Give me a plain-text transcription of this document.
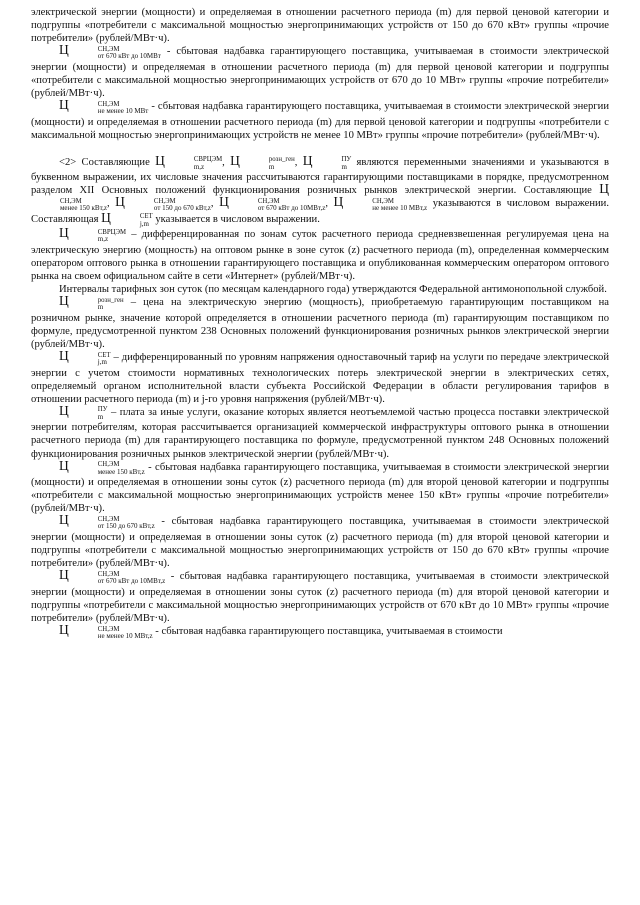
электрической энергии (мощности) и определяемая в отношении расчетного периода (m) для первой ценовой категории и подгруппы «потребители с максимальной мощностью энергопринимающих устройств от 150 до 670 кВт» группы «прочие потребители» (рублей/МВт·ч).

Ц	СН,ЭМ
от 670 кВт до 10МВт - сбытовая надбавка гарантирующего поставщика, учитываемая в стоимости электрической энергии (мощности) и определяемая в отношении расчетного периода (m) для первой ценовой категории и подгруппы «потребители с максимальной мощностью энергопринимающих устройств от 670 до 10 МВт» группы «прочие потребители» (рублей/МВт·ч).

Ц	СН,ЭМ
не менее 10 МВт - сбытовая надбавка гарантирующего поставщика, учитываемая в стоимости электрической энергии (мощности) и определяемая в отношении расчетного периода (m) для первой ценовой категории и подгруппы «потребители с максимальной мощностью энергопринимающих устройств не менее 10 МВт» группы «прочие потребители» (рублей/МВт·ч).

<2> Составляющие Ц	СВРЦЭМ
m,z	, Ц	розн_ген
m	, Ц	ПУ
m являются переменными значениями и указываются в буквенном выражении, их числовые значения рассчитываются гарантирующими поставщиками в порядке, предусмотренном разделом XII Основных положений функционирования розничных рынков электрической энергии. Составляющие Ц
СН,ЭМ
менее 150 кВт,z , Ц	СН,ЭМ
от 150 до 670 кВт,z , Ц	СН,ЭМ
от 670 кВт до 10МВт,z , Ц	СН,ЭМ
не менее 10 МВт,z указываются в числовом выражении. Составляющая Ц	СЕТ
j,m указывается в числовом выражении.

Ц	СВРЦЭМ
m,z	– дифференцированная по зонам суток расчетного периода средневзвешенная регулируемая цена на электрическую энергию (мощность) на оптовом рынке в зоне суток (z) расчетного периода (m), определенная коммерческим оператором оптового рынка в отношении гарантирующего поставщика и опубликованная коммерческим оператором оптового рынка на своем официальном сайте в сети «Интернет» (рублей/МВт·ч).

Интервалы тарифных зон суток (по месяцам календарного года) утверждаются Федеральной антимонопольной службой.

Ц	розн_ген
m	– цена на электрическую энергию (мощность), приобретаемую гарантирующим поставщиком на розничном рынке, значение которой определяется в отношении расчетного периода (m) гарантирующим поставщиком по формуле, предусмотренной пунктом 238 Основных положений функционирования розничных рынков электрической энергии (рублей/МВт·ч).

Ц	СЕТ
j,m – дифференцированный по уровням напряжения одноставочный тариф на услуги по передаче электрической энергии с учетом стоимости нормативных технологических потерь электрической энергии в электрических сетях, определяемый органом исполнительной власти субъекта Российской Федерации в области регулирования тарифов в отношении расчетного периода (m) и j-го уровня напряжения (рублей/МВт·ч).

Ц	ПУ
m – плата за иные услуги, оказание которых является неотъемлемой частью процесса поставки электрической энергии потребителям, которая рассчитывается организацией коммерческой инфраструктуры оптового рынка в отношении расчетного периода (m) для гарантирующего поставщика по формуле, предусмотренной пунктом 248 Основных положений функционирования розничных рынков электрической энергии (рублей/МВт·ч).

Ц	СН,ЭМ
менее 150 кВт,z - сбытовая надбавка гарантирующего поставщика, учитываемая в стоимости электрической энергии (мощности) и определяемая в отношении зоны суток (z) расчетного периода (m) для второй ценовой категории и подгруппы «потребители с максимальной мощностью энергопринимающих устройств менее 150 кВт» группы «прочие потребители» (рублей/МВт·ч).

Ц	СН,ЭМ
от 150 до 670 кВт,z - сбытовая надбавка гарантирующего поставщика, учитываемая в стоимости электрической энергии (мощности) и определяемая в отношении зоны суток (z) расчетного периода (m) для второй ценовой категории и подгруппы «потребители с максимальной мощностью энергопринимающих устройств от 150 до 670 кВт» группы «прочие потребители» (рублей/МВт·ч).

Ц	СН,ЭМ
от 670 кВт до 10МВт,z - сбытовая надбавка гарантирующего поставщика, учитываемая в стоимости электрической энергии (мощности) и определяемая в отношении зоны суток (z) расчетного периода (m) для второй ценовой категории и подгруппы «потребители с максимальной мощностью энергопринимающих устройств от 670 кВт до 10 МВт» группы «прочие потребители» (рублей/МВт·ч).

Ц	СН,ЭМ
не менее 10 МВт,z - сбытовая надбавка гарантирующего поставщика, учитываемая в стоимости
